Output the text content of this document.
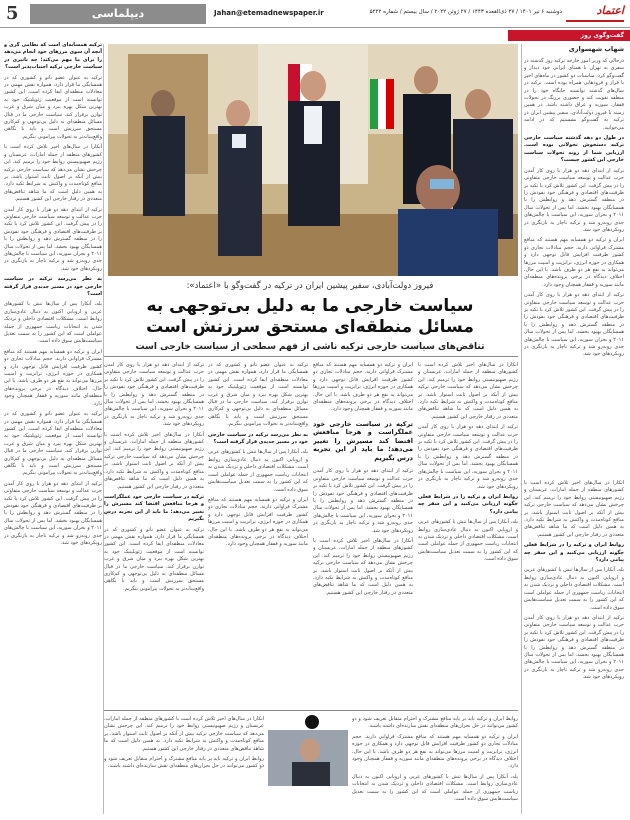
5	دیپلماسی	Jahan@etemadnewspaper.ir	دوشنبه ۶ تیر ۱۴۰۱ / ۲۷ ذی‌القعده ۱۴۴۳ / ۲۷ ژوئن ۲۰۲۲ / سال بیستم / شماره ۵۲۲۲	اعتماد
گفت‌وگوی روز
شهاب شهسواری

درحالی که وزیر امور خارجه ترکیه روز گذشته در سفری به تهران با همتای ایرانی خود دیدار و گفت‌وگو کرد، مناسبات دو کشور در ماه‌های اخیر با فراز و فرودهایی همراه بوده است. ترکیه در سال‌های گذشته توانسته جایگاه خود را در منطقه تقویت کند و حضوری پررنگ در تحولات قفقاز، سوریه و عراق داشته باشد. در همین زمینه با فیروز دولت‌آبادی، سفیر پیشین ایران در ترکیه به گفت‌وگو نشستیم که در ادامه می‌خوانید.

در طول دو دهه گذشته سیاست خارجی ترکیه دستخوش تحولاتی بوده است. ارزیابی شما از روند تحولات سیاست خارجی این کشور چیست؟

ترکیه از ابتدای دهه دو هزار با روی کار آمدن حزب عدالت و توسعه سیاست خارجی متفاوتی را در پیش گرفت. این کشور تلاش کرد با تکیه بر ظرفیت‌های اقتصادی و فرهنگی خود نفوذش را در منطقه گسترش دهد و روابطش را با همسایگان بهبود بخشد. اما پس از تحولات سال ۲۰۱۱ و بحران سوریه، این سیاست با چالش‌های جدی روبه‌رو شد و ترکیه ناچار به بازنگری در رویکردهای خود شد.

ایران و ترکیه دو همسایه مهم هستند که منافع مشترک فراوانی دارند. حجم مبادلات تجاری دو کشور ظرفیت افزایش قابل توجهی دارد و همکاری در حوزه انرژی، ترانزیت و امنیت مرزها می‌تواند به نفع هر دو طرف باشد. با این حال، اختلاف دیدگاه در برخی پرونده‌های منطقه‌ای مانند سوریه و قفقاز همچنان وجود دارد.

ترکیه از ابتدای دهه دو هزار با روی کار آمدن حزب عدالت و توسعه سیاست خارجی متفاوتی را در پیش گرفت. این کشور تلاش کرد با تکیه بر ظرفیت‌های اقتصادی و فرهنگی خود نفوذش را در منطقه گسترش دهد و روابطش را با همسایگان بهبود بخشد. اما پس از تحولات سال ۲۰۱۱ و بحران سوریه، این سیاست با چالش‌های جدی روبه‌رو شد و ترکیه ناچار به بازنگری در رویکردهای خود شد.

آنکارا در سال‌های اخیر تلاش کرده است با کشورهای منطقه از جمله امارات، عربستان و رژیم صهیونیستی روابط خود را ترمیم کند. این چرخش نشان می‌دهد که سیاست خارجی ترکیه بیش از آنکه بر اصول ثابت استوار باشد، بر منافع کوتاه‌مدت و واکنش به شرایط تکیه دارد. به همین دلیل است که ما شاهد تناقض‌های متعددی در رفتار خارجی این کشور هستیم.

روابط ایران و ترکیه را در شرایط فعلی چگونه ارزیابی می‌کنید و این سفر چه پیامی دارد؟

بله، آنکارا پس از سال‌ها تنش با کشورهای عربی و اروپایی اکنون به دنبال عادی‌سازی روابط است. مشکلات اقتصادی داخلی و نزدیک شدن به انتخابات ریاست جمهوری از جمله عواملی است که این کشور را به سمت تعدیل سیاست‌هایش سوق داده است.

ترکیه از ابتدای دهه دو هزار با روی کار آمدن حزب عدالت و توسعه سیاست خارجی متفاوتی را در پیش گرفت. این کشور تلاش کرد با تکیه بر ظرفیت‌های اقتصادی و فرهنگی خود نفوذش را در منطقه گسترش دهد و روابطش را با همسایگان بهبود بخشد. اما پس از تحولات سال ۲۰۱۱ و بحران سوریه، این سیاست با چالش‌های جدی روبه‌رو شد و ترکیه ناچار به بازنگری در رویکردهای خود شد.

فیروز دولت‌آبادی، سفیر پیشین ایران در ترکیه در گفت‌وگو با «اعتماد»:
سیاست خارجی ما به دلیل بی‌توجهی به
مسائل منطقه‌ای مستحق سرزنش است
تناقض‌های سیاست خارجی ترکیه ناشی از فهم سطحی از سیاست خارجی است

آنکارا در سال‌های اخیر تلاش کرده است با کشورهای منطقه از جمله امارات، عربستان و رژیم صهیونیستی روابط خود را ترمیم کند. این چرخش نشان می‌دهد که سیاست خارجی ترکیه بیش از آنکه بر اصول ثابت استوار باشد، بر منافع کوتاه‌مدت و واکنش به شرایط تکیه دارد. به همین دلیل است که ما شاهد تناقض‌های متعددی در رفتار خارجی این کشور هستیم.

ترکیه از ابتدای دهه دو هزار با روی کار آمدن حزب عدالت و توسعه سیاست خارجی متفاوتی را در پیش گرفت. این کشور تلاش کرد با تکیه بر ظرفیت‌های اقتصادی و فرهنگی خود نفوذش را در منطقه گسترش دهد و روابطش را با همسایگان بهبود بخشد. اما پس از تحولات سال ۲۰۱۱ و بحران سوریه، این سیاست با چالش‌های جدی روبه‌رو شد و ترکیه ناچار به بازنگری در رویکردهای خود شد.

روابط ایران و ترکیه را در شرایط فعلی چگونه ارزیابی می‌کنید و این سفر چه پیامی دارد؟

بله، آنکارا پس از سال‌ها تنش با کشورهای عربی و اروپایی اکنون به دنبال عادی‌سازی روابط است. مشکلات اقتصادی داخلی و نزدیک شدن به انتخابات ریاست جمهوری از جمله عواملی است که این کشور را به سمت تعدیل سیاست‌هایش سوق داده است.

ایران و ترکیه دو همسایه مهم هستند که منافع مشترک فراوانی دارند. حجم مبادلات تجاری دو کشور ظرفیت افزایش قابل توجهی دارد و همکاری در حوزه انرژی، ترانزیت و امنیت مرزها می‌تواند به نفع هر دو طرف باشد. با این حال، اختلاف دیدگاه در برخی پرونده‌های منطقه‌ای مانند سوریه و قفقاز همچنان وجود دارد.

ترکیه در سیاست خارجی خود عملگراست و هرجا منافعش اقتضا کند مسیرش را تغییر می‌دهد؛ ما باید از این تجربه درس بگیریم

ترکیه از ابتدای دهه دو هزار با روی کار آمدن حزب عدالت و توسعه سیاست خارجی متفاوتی را در پیش گرفت. این کشور تلاش کرد با تکیه بر ظرفیت‌های اقتصادی و فرهنگی خود نفوذش را در منطقه گسترش دهد و روابطش را با همسایگان بهبود بخشد. اما پس از تحولات سال ۲۰۱۱ و بحران سوریه، این سیاست با چالش‌های جدی روبه‌رو شد و ترکیه ناچار به بازنگری در رویکردهای خود شد.

آنکارا در سال‌های اخیر تلاش کرده است با کشورهای منطقه از جمله امارات، عربستان و رژیم صهیونیستی روابط خود را ترمیم کند. این چرخش نشان می‌دهد که سیاست خارجی ترکیه بیش از آنکه بر اصول ثابت استوار باشد، بر منافع کوتاه‌مدت و واکنش به شرایط تکیه دارد. به همین دلیل است که ما شاهد تناقض‌های متعددی در رفتار خارجی این کشور هستیم.

ترکیه به عنوان عضو ناتو و کشوری که در همسایگی ما قرار دارد، همواره نقش مهمی در معادلات منطقه‌ای ایفا کرده است. این کشور توانسته است از موقعیت ژئوپلیتیک خود به بهترین شکل بهره ببرد و میان شرق و غرب توازن برقرار کند. سیاست خارجی ما در قبال مسائل منطقه‌ای به دلیل بی‌توجهی و کم‌کاری مستحق سرزنش است و باید با نگاهی واقع‌بینانه‌تر به تحولات پیرامونی بنگریم.

به نظر می‌رسد ترکیه در سیاست خارجی خود در مسیر جدیدی قرار گرفته است؟

بله، آنکارا پس از سال‌ها تنش با کشورهای عربی و اروپایی اکنون به دنبال عادی‌سازی روابط است. مشکلات اقتصادی داخلی و نزدیک شدن به انتخابات ریاست جمهوری از جمله عواملی است که این کشور را به سمت تعدیل سیاست‌هایش سوق داده است.

ایران و ترکیه دو همسایه مهم هستند که منافع مشترک فراوانی دارند. حجم مبادلات تجاری دو کشور ظرفیت افزایش قابل توجهی دارد و همکاری در حوزه انرژی، ترانزیت و امنیت مرزها می‌تواند به نفع هر دو طرف باشد. با این حال، اختلاف دیدگاه در برخی پرونده‌های منطقه‌ای مانند سوریه و قفقاز همچنان وجود دارد.

ترکیه از ابتدای دهه دو هزار با روی کار آمدن حزب عدالت و توسعه سیاست خارجی متفاوتی را در پیش گرفت. این کشور تلاش کرد با تکیه بر ظرفیت‌های اقتصادی و فرهنگی خود نفوذش را در منطقه گسترش دهد و روابطش را با همسایگان بهبود بخشد. اما پس از تحولات سال ۲۰۱۱ و بحران سوریه، این سیاست با چالش‌های جدی روبه‌رو شد و ترکیه ناچار به بازنگری در رویکردهای خود شد.

آنکارا در سال‌های اخیر تلاش کرده است با کشورهای منطقه از جمله امارات، عربستان و رژیم صهیونیستی روابط خود را ترمیم کند. این چرخش نشان می‌دهد که سیاست خارجی ترکیه بیش از آنکه بر اصول ثابت استوار باشد، بر منافع کوتاه‌مدت و واکنش به شرایط تکیه دارد. به همین دلیل است که ما شاهد تناقض‌های متعددی در رفتار خارجی این کشور هستیم.

ترکیه در سیاست خارجی خود عملگراست و هرجا منافعش اقتضا کند مسیرش را تغییر می‌دهد؛ ما باید از این تجربه درس بگیریم

ترکیه به عنوان عضو ناتو و کشوری که در همسایگی ما قرار دارد، همواره نقش مهمی در معادلات منطقه‌ای ایفا کرده است. این کشور توانسته است از موقعیت ژئوپلیتیک خود به بهترین شکل بهره ببرد و میان شرق و غرب توازن برقرار کند. سیاست خارجی ما در قبال مسائل منطقه‌ای به دلیل بی‌توجهی و کم‌کاری مستحق سرزنش است و باید با نگاهی واقع‌بینانه‌تر به تحولات پیرامونی بنگریم.

ترکیه همسایه‌ای است که نظامی گری و آنچه آن سوی مرزهای خود انجام می‌دهد را برای ما مهم می‌کند؛ چه تاثیری در سیاست خارجی ترکیه اجتناب‌پذیر است؟

ترکیه به عنوان عضو ناتو و کشوری که در همسایگی ما قرار دارد، همواره نقش مهمی در معادلات منطقه‌ای ایفا کرده است. این کشور توانسته است از موقعیت ژئوپلیتیک خود به بهترین شکل بهره ببرد و میان شرق و غرب توازن برقرار کند. سیاست خارجی ما در قبال مسائل منطقه‌ای به دلیل بی‌توجهی و کم‌کاری مستحق سرزنش است و باید با نگاهی واقع‌بینانه‌تر به تحولات پیرامونی بنگریم.

آنکارا در سال‌های اخیر تلاش کرده است با کشورهای منطقه از جمله امارات، عربستان و رژیم صهیونیستی روابط خود را ترمیم کند. این چرخش نشان می‌دهد که سیاست خارجی ترکیه بیش از آنکه بر اصول ثابت استوار باشد، بر منافع کوتاه‌مدت و واکنش به شرایط تکیه دارد. به همین دلیل است که ما شاهد تناقض‌های متعددی در رفتار خارجی این کشور هستیم.

ترکیه از ابتدای دهه دو هزار با روی کار آمدن حزب عدالت و توسعه سیاست خارجی متفاوتی را در پیش گرفت. این کشور تلاش کرد با تکیه بر ظرفیت‌های اقتصادی و فرهنگی خود نفوذش را در منطقه گسترش دهد و روابطش را با همسایگان بهبود بخشد. اما پس از تحولات سال ۲۰۱۱ و بحران سوریه، این سیاست با چالش‌های جدی روبه‌رو شد و ترکیه ناچار به بازنگری در رویکردهای خود شد.

به نظر می‌رسد ترکیه در سیاست خارجی خود در مسیر جدیدی قرار گرفته است؟

بله، آنکارا پس از سال‌ها تنش با کشورهای عربی و اروپایی اکنون به دنبال عادی‌سازی روابط است. مشکلات اقتصادی داخلی و نزدیک شدن به انتخابات ریاست جمهوری از جمله عواملی است که این کشور را به سمت تعدیل سیاست‌هایش سوق داده است.

ایران و ترکیه دو همسایه مهم هستند که منافع مشترک فراوانی دارند. حجم مبادلات تجاری دو کشور ظرفیت افزایش قابل توجهی دارد و همکاری در حوزه انرژی، ترانزیت و امنیت مرزها می‌تواند به نفع هر دو طرف باشد. با این حال، اختلاف دیدگاه در برخی پرونده‌های منطقه‌ای مانند سوریه و قفقاز همچنان وجود دارد.

ترکیه به عنوان عضو ناتو و کشوری که در همسایگی ما قرار دارد، همواره نقش مهمی در معادلات منطقه‌ای ایفا کرده است. این کشور توانسته است از موقعیت ژئوپلیتیک خود به بهترین شکل بهره ببرد و میان شرق و غرب توازن برقرار کند. سیاست خارجی ما در قبال مسائل منطقه‌ای به دلیل بی‌توجهی و کم‌کاری مستحق سرزنش است و باید با نگاهی واقع‌بینانه‌تر به تحولات پیرامونی بنگریم.

ترکیه از ابتدای دهه دو هزار با روی کار آمدن حزب عدالت و توسعه سیاست خارجی متفاوتی را در پیش گرفت. این کشور تلاش کرد با تکیه بر ظرفیت‌های اقتصادی و فرهنگی خود نفوذش را در منطقه گسترش دهد و روابطش را با همسایگان بهبود بخشد. اما پس از تحولات سال ۲۰۱۱ و بحران سوریه، این سیاست با چالش‌های جدی روبه‌رو شد و ترکیه ناچار به بازنگری در رویکردهای خود شد.

روابط ایران و ترکیه باید بر پایه منافع مشترک و احترام متقابل تعریف شود و دو کشور می‌توانند در حل بحران‌های منطقه‌ای نقش سازنده‌ای داشته باشند.

ایران و ترکیه دو همسایه مهم هستند که منافع مشترک فراوانی دارند. حجم مبادلات تجاری دو کشور ظرفیت افزایش قابل توجهی دارد و همکاری در حوزه انرژی، ترانزیت و امنیت مرزها می‌تواند به نفع هر دو طرف باشد. با این حال، اختلاف دیدگاه در برخی پرونده‌های منطقه‌ای مانند سوریه و قفقاز همچنان وجود دارد.

بله، آنکارا پس از سال‌ها تنش با کشورهای عربی و اروپایی اکنون به دنبال عادی‌سازی روابط است. مشکلات اقتصادی داخلی و نزدیک شدن به انتخابات ریاست جمهوری از جمله عواملی است که این کشور را به سمت تعدیل سیاست‌هایش سوق داده است.

آنکارا در سال‌های اخیر تلاش کرده است با کشورهای منطقه از جمله امارات، عربستان و رژیم صهیونیستی روابط خود را ترمیم کند. این چرخش نشان می‌دهد که سیاست خارجی ترکیه بیش از آنکه بر اصول ثابت استوار باشد، بر منافع کوتاه‌مدت و واکنش به شرایط تکیه دارد. به همین دلیل است که ما شاهد تناقض‌های متعددی در رفتار خارجی این کشور هستیم.

روابط ایران و ترکیه باید بر پایه منافع مشترک و احترام متقابل تعریف شود و دو کشور می‌توانند در حل بحران‌های منطقه‌ای نقش سازنده‌ای داشته باشند.
